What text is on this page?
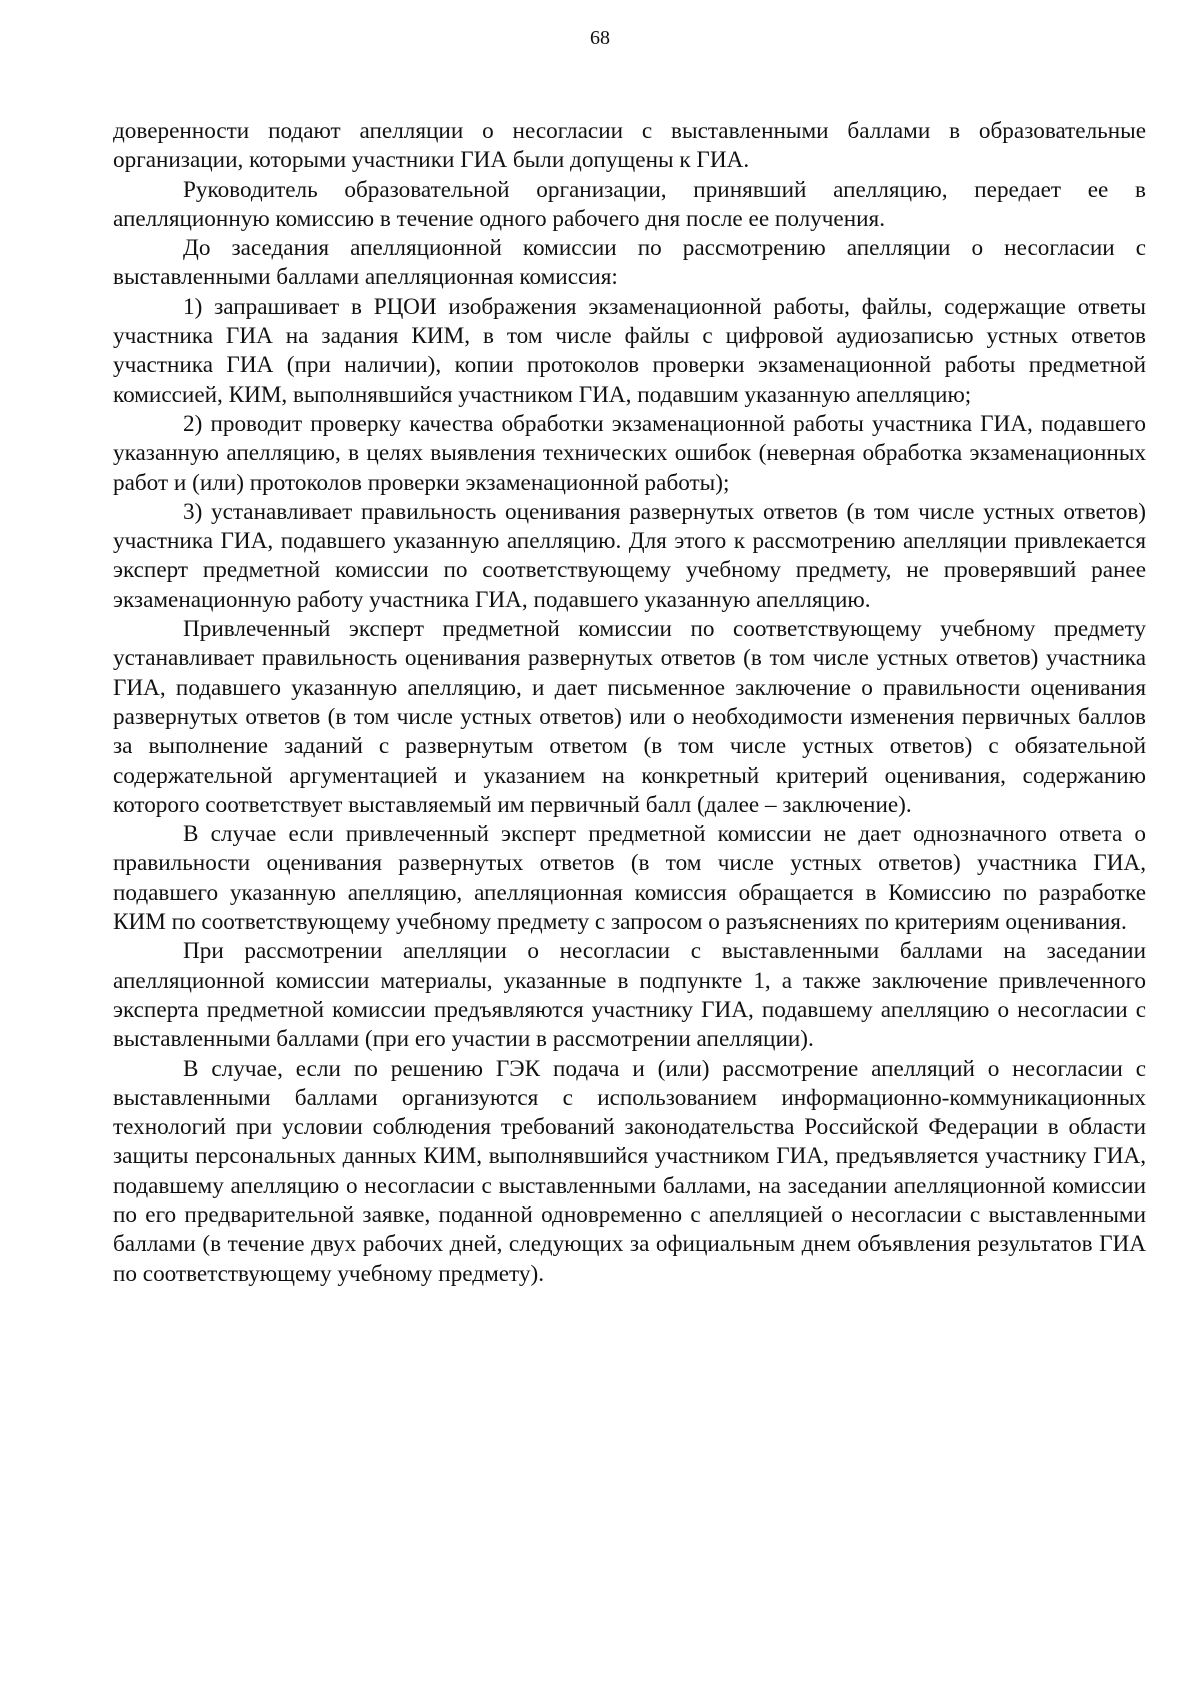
68

доверенности подают апелляции о несогласии с выставленными баллами в образовательные организации, которыми участники ГИА были допущены к ГИА.

Руководитель образовательной организации, принявший апелляцию, передает ее в апелляционную комиссию в течение одного рабочего дня после ее получения.

До заседания апелляционной комиссии по рассмотрению апелляции о несогласии с выставленными баллами апелляционная комиссия:

1) запрашивает в РЦОИ изображения экзаменационной работы, файлы, содержащие ответы участника ГИА на задания КИМ, в том числе файлы с цифровой аудиозаписью устных ответов участника ГИА (при наличии), копии протоколов проверки экзаменационной работы предметной комиссией, КИМ, выполнявшийся участником ГИА, подавшим указанную апелляцию;

2) проводит проверку качества обработки экзаменационной работы участника ГИА, подавшего указанную апелляцию, в целях выявления технических ошибок (неверная обработка экзаменационных работ и (или) протоколов проверки экзаменационной работы);

3) устанавливает правильность оценивания развернутых ответов (в том числе устных ответов) участника ГИА, подавшего указанную апелляцию. Для этого к рассмотрению апелляции привлекается эксперт предметной комиссии по соответствующему учебному предмету, не проверявший ранее экзаменационную работу участника ГИА, подавшего указанную апелляцию.

Привлеченный эксперт предметной комиссии по соответствующему учебному предмету устанавливает правильность оценивания развернутых ответов (в том числе устных ответов) участника ГИА, подавшего указанную апелляцию, и дает письменное заключение о правильности оценивания развернутых ответов (в том числе устных ответов) или о необходимости изменения первичных баллов за выполнение заданий с развернутым ответом (в том числе устных ответов) с обязательной содержательной аргументацией и указанием на конкретный критерий оценивания, содержанию которого соответствует выставляемый им первичный балл (далее – заключение).

В случае если привлеченный эксперт предметной комиссии не дает однозначного ответа о правильности оценивания развернутых ответов (в том числе устных ответов) участника ГИА, подавшего указанную апелляцию, апелляционная комиссия обращается в Комиссию по разработке КИМ по соответствующему учебному предмету с запросом о разъяснениях по критериям оценивания.

При рассмотрении апелляции о несогласии с выставленными баллами на заседании апелляционной комиссии материалы, указанные в подпункте 1, а также заключение привлеченного эксперта предметной комиссии предъявляются участнику ГИА, подавшему апелляцию о несогласии с выставленными баллами (при его участии в рассмотрении апелляции).

В случае, если по решению ГЭК подача и (или) рассмотрение апелляций о несогласии с выставленными баллами организуются с использованием информационно-коммуникационных технологий при условии соблюдения требований законодательства Российской Федерации в области защиты персональных данных КИМ, выполнявшийся участником ГИА, предъявляется участнику ГИА, подавшему апелляцию о несогласии с выставленными баллами, на заседании апелляционной комиссии по его предварительной заявке, поданной одновременно с апелляцией о несогласии с выставленными баллами (в течение двух рабочих дней, следующих за официальным днем объявления результатов ГИА по соответствующему учебному предмету).
